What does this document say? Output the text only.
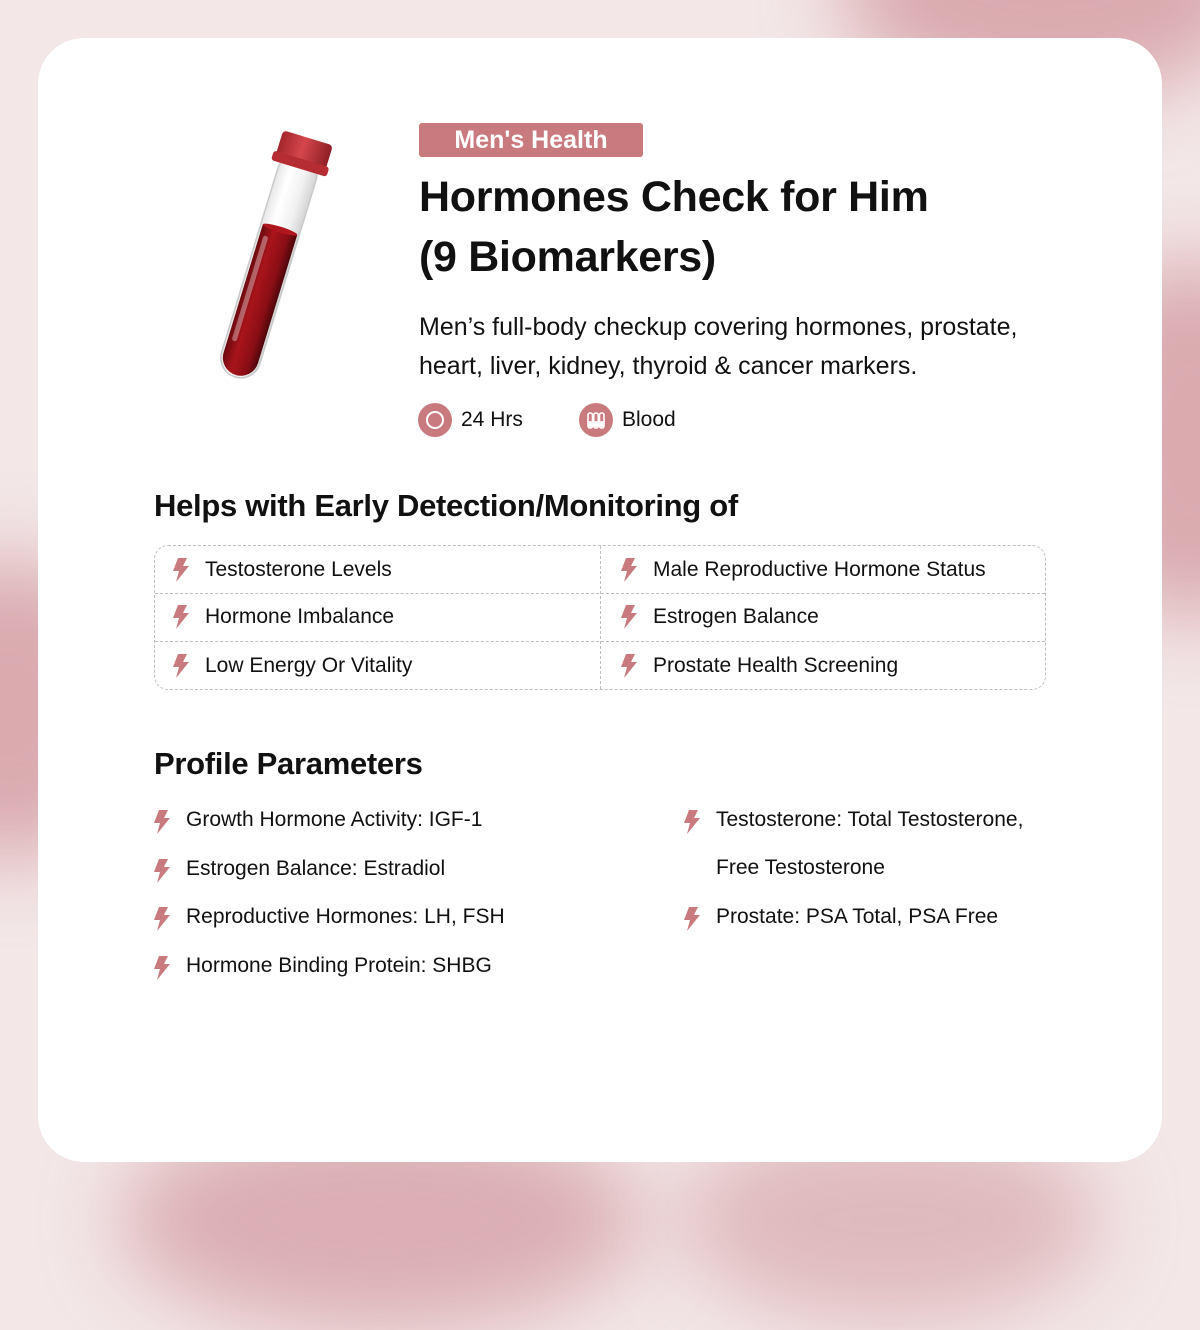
Men's Health
Hormones Check for Him
(9 Biomarkers)

Men’s full-body checkup covering hormones, prostate,
heart, liver, kidney, thyroid & cancer markers.

24 Hrs	Blood
Helps with Early Detection/Monitoring of
Testosterone Levels	Male Reproductive Hormone Status
Hormone Imbalance	Estrogen Balance
Low Energy Or Vitality	Prostate Health Screening
Profile Parameters
Growth Hormone Activity: IGF-1
Estrogen Balance: Estradiol
Reproductive Hormones: LH, FSH
Hormone Binding Protein: SHBG
Testosterone: Total Testosterone,
Free Testosterone
Prostate: PSA Total, PSA Free
